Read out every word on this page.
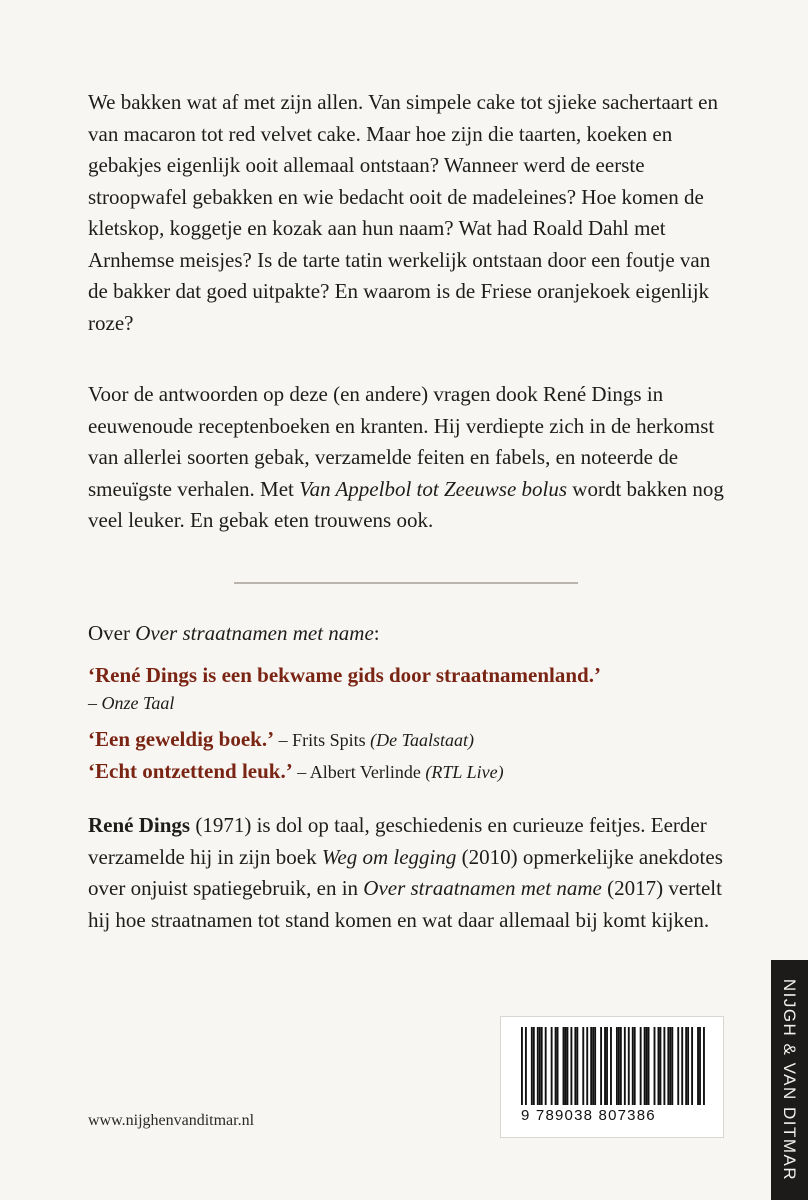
We bakken wat af met zijn allen. Van simpele cake tot sjieke sachertaart en van macaron tot red velvet cake. Maar hoe zijn die taarten, koeken en gebakjes eigenlijk ooit allemaal ontstaan? Wanneer werd de eerste stroopwafel gebakken en wie bedacht ooit de madeleines? Hoe komen de kletskop, koggetje en kozak aan hun naam? Wat had Roald Dahl met Arnhemse meisjes? Is de tarte tatin werkelijk ontstaan door een foutje van de bakker dat goed uitpakte? En waarom is de Friese oranjekoek eigenlijk roze?

Voor de antwoorden op deze (en andere) vragen dook René Dings in eeuwenoude receptenboeken en kranten. Hij verdiepte zich in de herkomst van allerlei soorten gebak, verzamelde feiten en fabels, en noteerde de smeuïgste verhalen. Met Van Appelbol tot Zeeuwse bolus wordt bakken nog veel leuker. En gebak eten trouwens ook.

Over Over straatnamen met name:

‘René Dings is een bekwame gids door straatnamenland.’

– Onze Taal

‘Een geweldig boek.’ – Frits Spits (De Taalstaat)

‘Echt ontzettend leuk.’ – Albert Verlinde (RTL Live)

René Dings (1971) is dol op taal, geschiedenis en curieuze feitjes. Eerder verzamelde hij in zijn boek Weg om legging (2010) opmerkelijke anekdotes over onjuist spatiegebruik, en in Over straatnamen met name (2017) vertelt hij hoe straatnamen tot stand komen en wat daar allemaal bij komt kijken.

9 789038 807386

www.nijghenvanditmar.nl	NIJGH & VAN DITMAR
